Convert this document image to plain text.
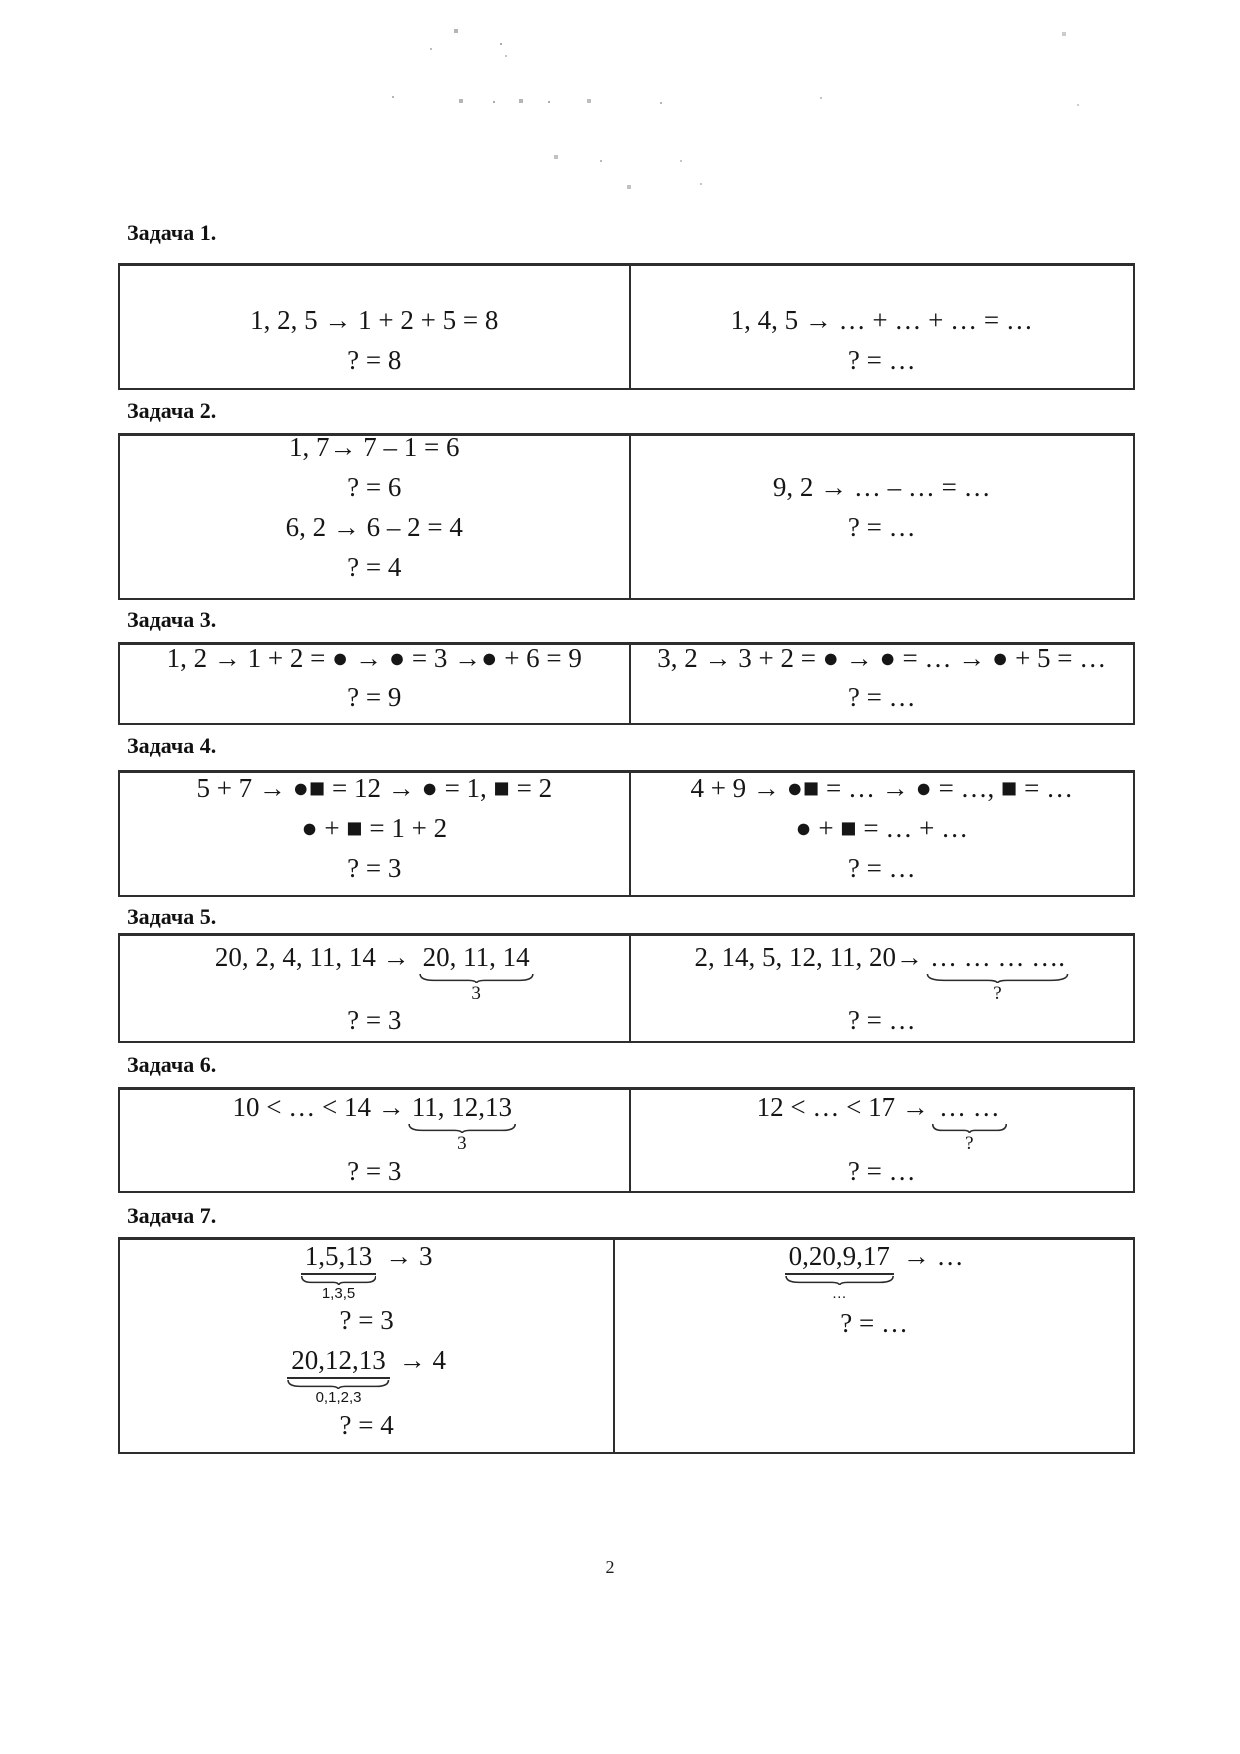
Задача 1.
1, 2, 5 → 1 + 2 + 5 = 8
? = 8
1, 4, 5 → … + … + … = …
? = …
Задача 2.
1, 7→ 7 – 1 = 6
? = 6
6, 2 → 6 – 2 = 4
? = 4
9, 2 → … – … = …
? = …
Задача 3.
1, 2 → 1 + 2 = ● → ● = 3 →● + 6 = 9
? = 9
3, 2 → 3 + 2 = ● → ● = … → ● + 5 = …
? = …
Задача 4.
5 + 7 → ●■ = 12 → ● = 1, ■ = 2
● + ■ = 1 + 2
? = 3
4 + 9 → ●■ = … → ● = …, ■ = …
● + ■ = … + …
? = …
Задача 5.
20, 2, 4, 11, 14 → 20, 11, 14
3
? = 3
2, 14, 5, 12, 11, 20→ … … … ….
?
? = …
Задача 6.
10 < … < 14 → 11, 12,13
3
? = 3
12 < … < 17 → … …
?
? = …
Задача 7.
1,5,13
1,3,5
→ 3
? = 3
20,12,13
0,1,2,3
→ 4
? = 4
0,20,9,17
…
→ …
? = …
2
